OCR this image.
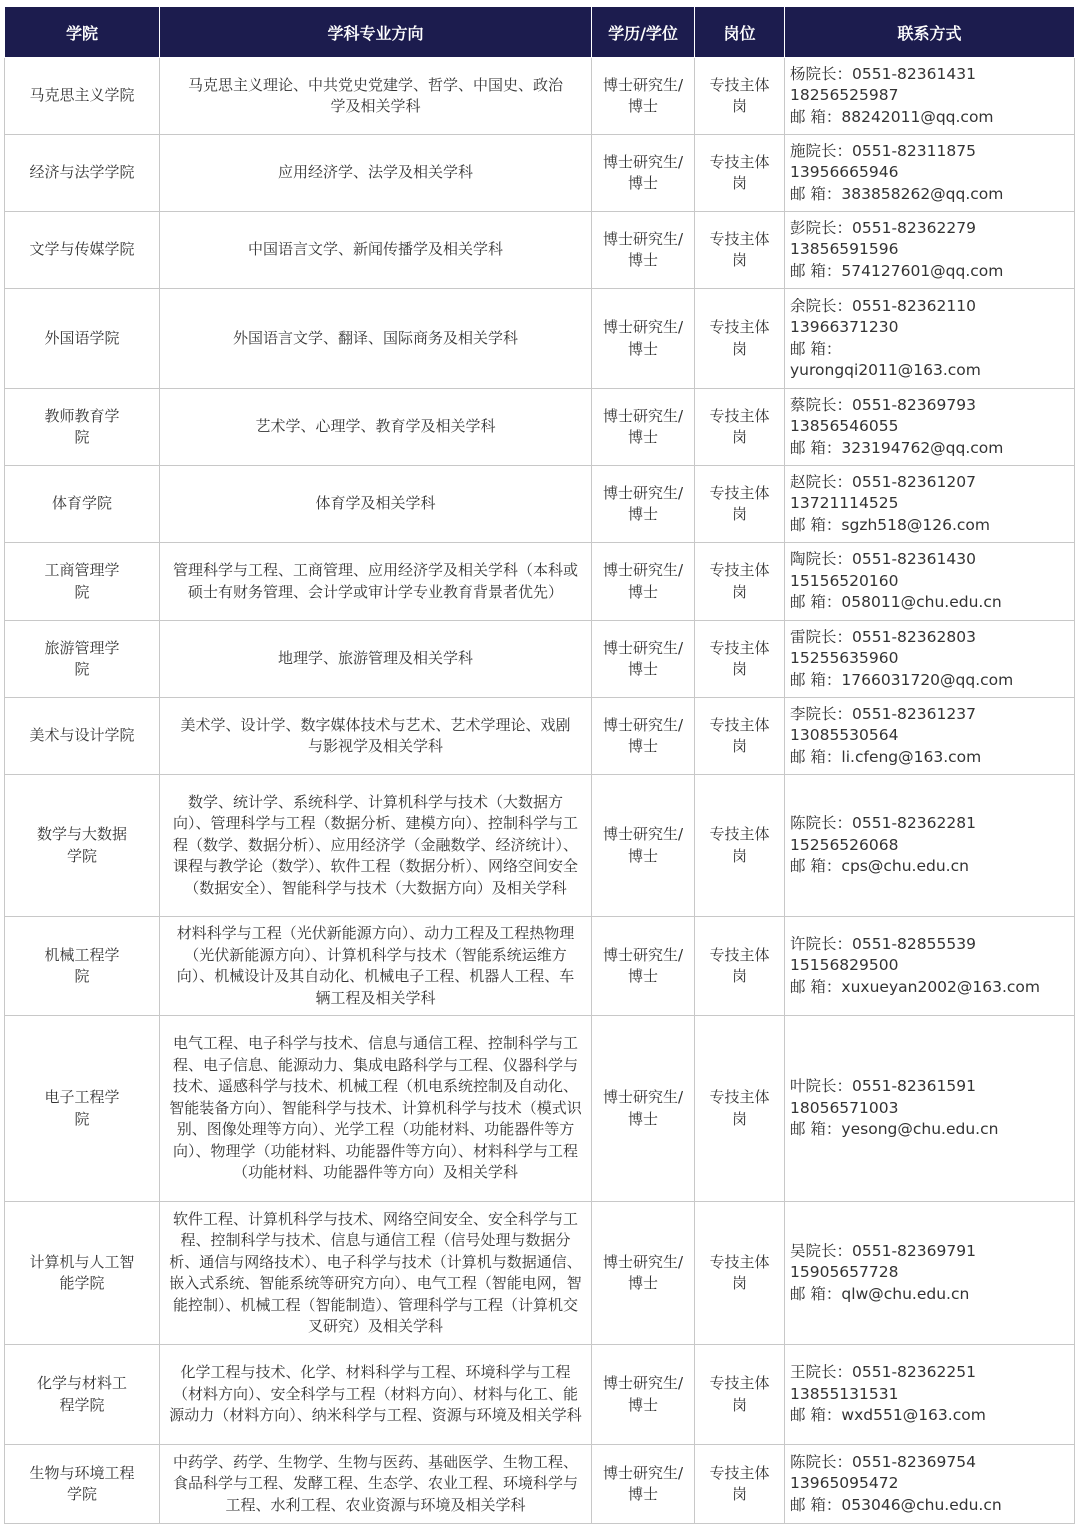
学院	学科专业方向	学历/学位	岗位	联系方式

马克思主义学院	马克思主义理论、中共党史党建学、哲学、中国史、政治学及相关学科	博士研究生/博士	专技主体岗	杨院长：0551-82361431
18256525987
邮 箱：88242011@qq.com

经济与法学学院	应用经济学、法学及相关学科	博士研究生/博士	专技主体岗	施院长：0551-82311875
13956665946
邮 箱：383858262@qq.com

文学与传媒学院	中国语言文学、新闻传播学及相关学科	博士研究生/博士	专技主体岗	彭院长：0551-82362279
13856591596
邮 箱：574127601@qq.com

外国语学院	外国语言文学、翻译、国际商务及相关学科	博士研究生/博士	专技主体岗	余院长：0551-82362110
13966371230
邮 箱：
yurongqi2011@163.com

教师教育学院	艺术学、心理学、教育学及相关学科	博士研究生/博士	专技主体岗	蔡院长：0551-82369793
13856546055
邮 箱：323194762@qq.com

体育学院	体育学及相关学科	博士研究生/博士	专技主体岗	赵院长：0551-82361207
13721114525
邮 箱：sgzh518@126.com

工商管理学院	管理科学与工程、工商管理、应用经济学及相关学科（本科或硕士有财务管理、会计学或审计学专业教育背景者优先）	博士研究生/博士	专技主体岗	陶院长：0551-82361430
15156520160
邮 箱：058011@chu.edu.cn

旅游管理学院	地理学、旅游管理及相关学科	博士研究生/博士	专技主体岗	雷院长：0551-82362803
15255635960
邮 箱：1766031720@qq.com

美术与设计学院	美术学、设计学、数字媒体技术与艺术、艺术学理论、戏剧与影视学及相关学科	博士研究生/博士	专技主体岗	李院长：0551-82361237
13085530564
邮 箱：li.cfeng@163.com

数学与大数据学院	数学、统计学、系统科学、计算机科学与技术（大数据方向）、管理科学与工程（数据分析、建模方向）、控制科学与工程（数学、数据分析）、应用经济学（金融数学、经济统计）、课程与教学论（数学）、软件工程（数据分析）、网络空间安全（数据安全）、智能科学与技术（大数据方向）及相关学科	博士研究生/博士	专技主体岗	陈院长：0551-82362281
15256526068
邮 箱：cps@chu.edu.cn

机械工程学院	材料科学与工程（光伏新能源方向）、动力工程及工程热物理（光伏新能源方向）、计算机科学与技术（智能系统运维方向）、机械设计及其自动化、机械电子工程、机器人工程、车辆工程及相关学科	博士研究生/博士	专技主体岗	许院长：0551-82855539
15156829500
邮 箱：xuxueyan2002@163.com

电子工程学院	电气工程、电子科学与技术、信息与通信工程、控制科学与工程、电子信息、能源动力、集成电路科学与工程、仪器科学与技术、遥感科学与技术、机械工程（机电系统控制及自动化、智能装备方向）、智能科学与技术、计算机科学与技术（模式识别、图像处理等方向）、光学工程（功能材料、功能器件等方向）、物理学（功能材料、功能器件等方向）、材料科学与工程（功能材料、功能器件等方向）及相关学科	博士研究生/博士	专技主体岗	叶院长：0551-82361591
18056571003
邮 箱：yesong@chu.edu.cn

计算机与人工智能学院	软件工程、计算机科学与技术、网络空间安全、安全科学与工程、控制科学与技术、信息与通信工程（信号处理与数据分析、通信与网络技术）、电子科学与技术（计算机与数据通信、嵌入式系统、智能系统等研究方向）、电气工程（智能电网，智能控制）、机械工程（智能制造）、管理科学与工程（计算机交叉研究）及相关学科	博士研究生/博士	专技主体岗	吴院长：0551-82369791
15905657728
邮 箱：qlw@chu.edu.cn

化学与材料工程学院	化学工程与技术、化学、材料科学与工程、环境科学与工程（材料方向）、安全科学与工程（材料方向）、材料与化工、能源动力（材料方向）、纳米科学与工程、资源与环境及相关学科	博士研究生/博士	专技主体岗	王院长：0551-82362251
13855131531
邮 箱：wxd551@163.com

生物与环境工程学院	中药学、药学、生物学、生物与医药、基础医学、生物工程、食品科学与工程、发酵工程、生态学、农业工程、环境科学与工程、水利工程、农业资源与环境及相关学科	博士研究生/博士	专技主体岗	陈院长：0551-82369754
13965095472
邮 箱：053046@chu.edu.cn
